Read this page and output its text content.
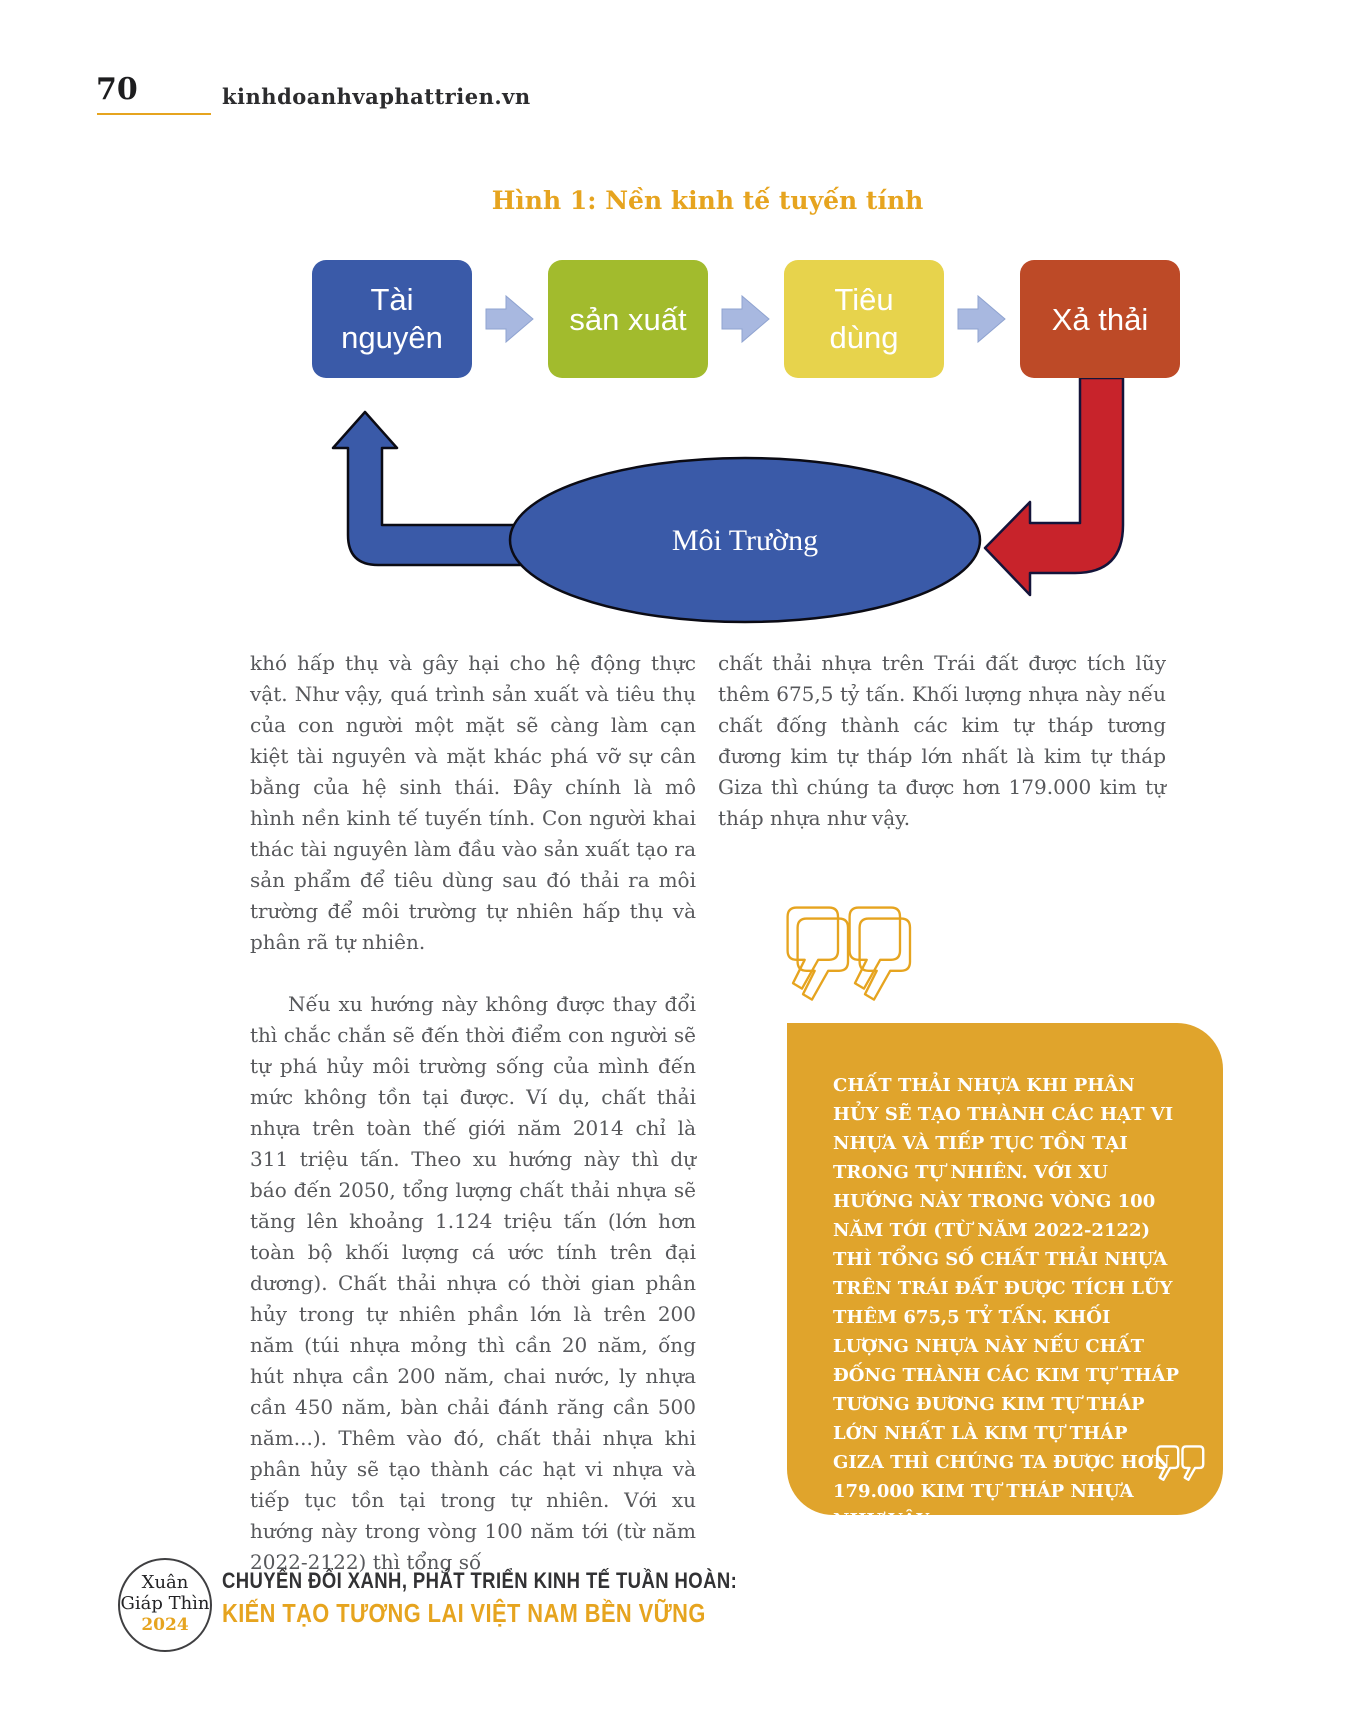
70	kinhdoanhvaphattrien.vn
Hình 1: Nền kinh tế tuyến tính
Môi Trường
Tài
nguyên
sản xuất
Tiêu
dùng
Xả thải

khó hấp thụ và gây hại cho hệ động thực vật. Như vậy, quá trình sản xuất và tiêu thụ của con người một mặt sẽ càng làm cạn kiệt tài nguyên và mặt khác phá vỡ sự cân bằng của hệ sinh thái. Đây chính là mô hình nền kinh tế tuyến tính. Con người khai thác tài nguyên làm đầu vào sản xuất tạo ra sản phẩm để tiêu dùng sau đó thải ra môi trường để môi trường tự nhiên hấp thụ và phân rã tự nhiên.

Nếu xu hướng này không được thay đổi thì chắc chắn sẽ đến thời điểm con người sẽ tự phá hủy môi trường sống của mình đến mức không tồn tại được. Ví dụ, chất thải nhựa trên toàn thế giới năm 2014 chỉ là 311 triệu tấn. Theo xu hướng này thì dự báo đến 2050, tổng lượng chất thải nhựa sẽ tăng lên khoảng 1.124 triệu tấn (lớn hơn toàn bộ khối lượng cá ước tính trên đại dương). Chất thải nhựa có thời gian phân hủy trong tự nhiên phần lớn là trên 200 năm (túi nhựa mỏng thì cần 20 năm, ống hút nhựa cần 200 năm, chai nước, ly nhựa cần 450 năm, bàn chải đánh răng cần 500 năm...). Thêm vào đó, chất thải nhựa khi phân hủy sẽ tạo thành các hạt vi nhựa và tiếp tục tồn tại trong tự nhiên. Với xu hướng này trong vòng 100 năm tới (từ năm 2022-2122) thì tổng số

chất thải nhựa trên Trái đất được tích lũy thêm 675,5 tỷ tấn. Khối lượng nhựa này nếu chất đống thành các kim tự tháp tương đương kim tự tháp lớn nhất là kim tự tháp Giza thì chúng ta được hơn 179.000 kim tự tháp nhựa như vậy.

CHẤT THẢI NHỰA KHI PHÂN HỦY SẼ TẠO THÀNH CÁC HẠT VI NHỰA VÀ TIẾP TỤC TỒN TẠI TRONG TỰ NHIÊN. VỚI XU HƯỚNG NÀY TRONG VÒNG 100 NĂM TỚI (TỪ NĂM 2022-2122) THÌ TỔNG SỐ CHẤT THẢI NHỰA TRÊN TRÁI ĐẤT ĐƯỢC TÍCH LŨY THÊM 675,5 TỶ TẤN. KHỐI LƯỢNG NHỰA NÀY NẾU CHẤT ĐỐNG THÀNH CÁC KIM TỰ THÁP TƯƠNG ĐƯƠNG KIM TỰ THÁP LỚN NHẤT LÀ KIM TỰ THÁP GIZA THÌ CHÚNG TA ĐƯỢC HƠN 179.000 KIM TỰ THÁP NHỰA NHƯ VẬY.
Xuân
Giáp Thìn
2024
CHUYỂN ĐỔI XANH, PHÁT TRIỂN KINH TẾ TUẦN HOÀN:
KIẾN TẠO TƯƠNG LAI VIỆT NAM BỀN VỮNG
